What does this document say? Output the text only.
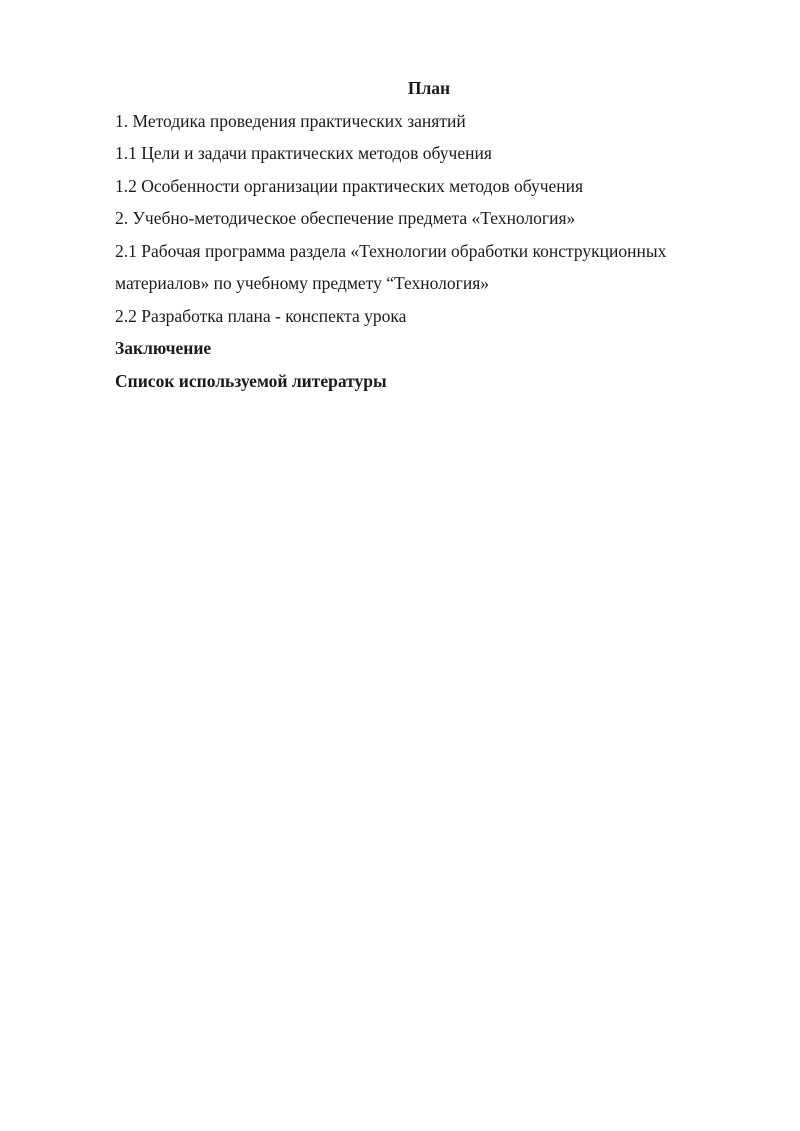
План
1. Методика проведения практических занятий
1.1 Цели и задачи практических методов обучения
1.2 Особенности организации практических методов обучения
2. Учебно-методическое обеспечение предмета «Технология»
2.1 Рабочая программа раздела «Технологии обработки конструкционных
материалов» по учебному предмету “Технология»
2.2 Разработка плана - конспекта урока
Заключение
Список используемой литературы
